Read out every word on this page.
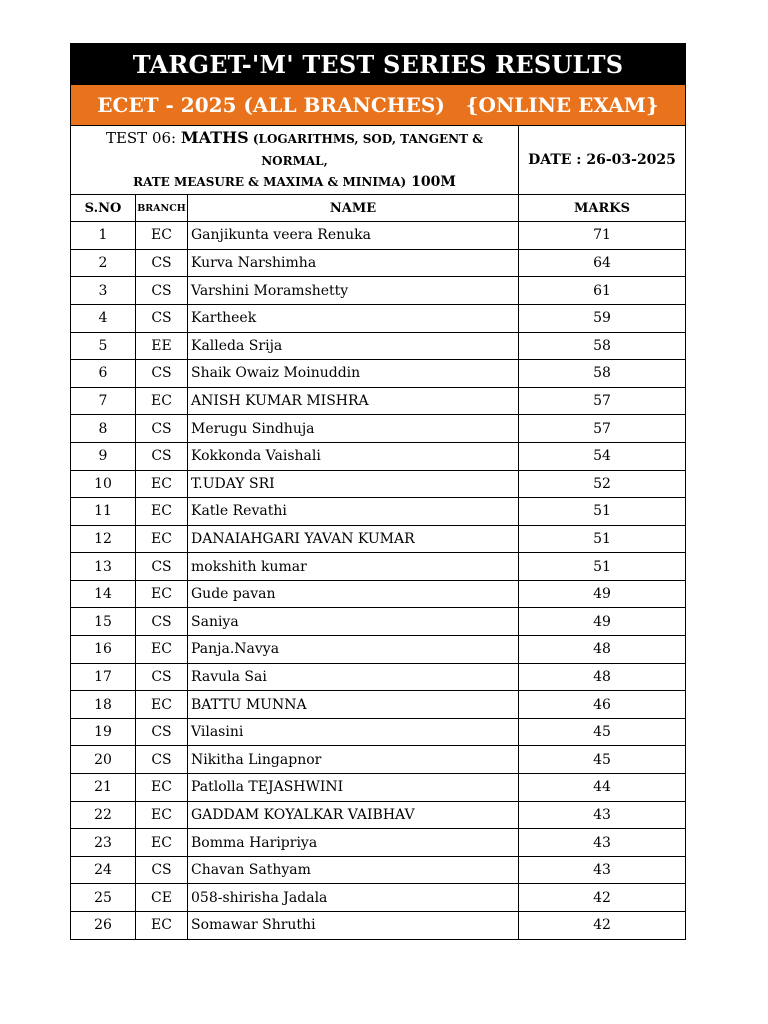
TARGET-'M' TEST SERIES RESULTS			
ECET - 2025 (ALL BRANCHES)   {ONLINE EXAM}			
TEST 06: MATHS (LOGARITHMS, SOD, TANGENT & NORMAL,
RATE MEASURE & MAXIMA & MINIMA) 100M			DATE : 26-03-2025
S.NO	BRANCH	NAME	MARKS
1	EC	Ganjikunta veera Renuka	71
2	CS	Kurva Narshimha	64
3	CS	Varshini Moramshetty	61
4	CS	Kartheek	59
5	EE	Kalleda Srija	58
6	CS	Shaik Owaiz Moinuddin	58
7	EC	ANISH KUMAR MISHRA	57
8	CS	Merugu Sindhuja	57
9	CS	Kokkonda Vaishali	54
10	EC	T.UDAY SRI	52
11	EC	Katle Revathi	51
12	EC	DANAIAHGARI YAVAN KUMAR	51
13	CS	mokshith kumar	51
14	EC	Gude pavan	49
15	CS	Saniya	49
16	EC	Panja.Navya	48
17	CS	Ravula Sai	48
18	EC	BATTU MUNNA	46
19	CS	Vilasini	45
20	CS	Nikitha Lingapnor	45
21	EC	Patlolla TEJASHWINI	44
22	EC	GADDAM KOYALKAR VAIBHAV	43
23	EC	Bomma Haripriya	43
24	CS	Chavan Sathyam	43
25	CE	058-shirisha Jadala	42
26	EC	Somawar Shruthi	42
